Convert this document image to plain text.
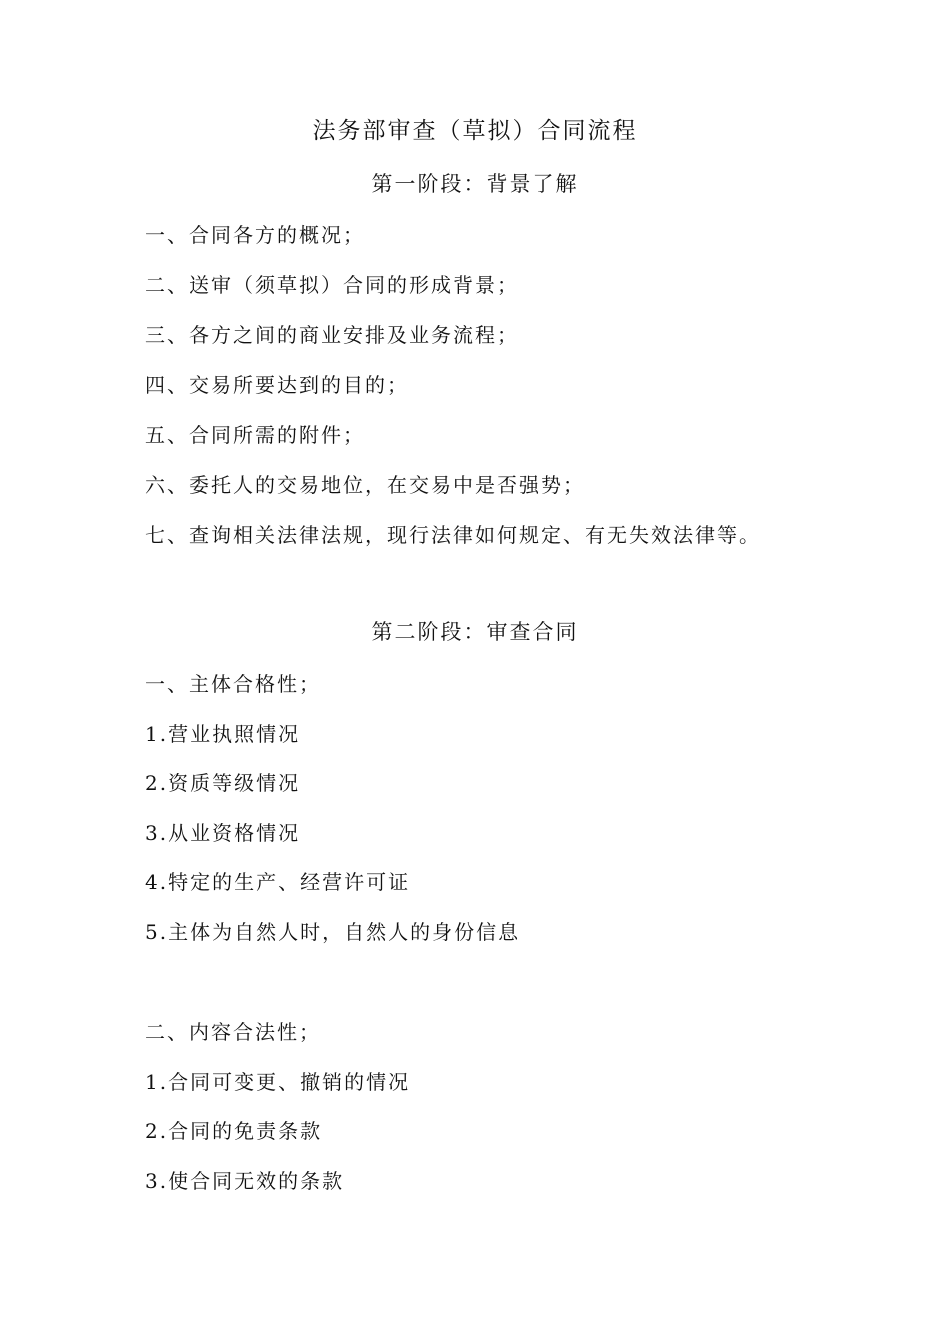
法务部审查（草拟）合同流程
第一阶段：背景了解
一、合同各方的概况；
二、送审（须草拟）合同的形成背景；
三、各方之间的商业安排及业务流程；
四、交易所要达到的目的；
五、合同所需的附件；
六、委托人的交易地位，在交易中是否强势；
七、查询相关法律法规，现行法律如何规定、有无失效法律等。
第二阶段：审查合同
一、主体合格性；
1.营业执照情况
2.资质等级情况
3.从业资格情况
4.特定的生产、经营许可证
5.主体为自然人时，自然人的身份信息
二、内容合法性；
1.合同可变更、撤销的情况
2.合同的免责条款
3.使合同无效的条款
